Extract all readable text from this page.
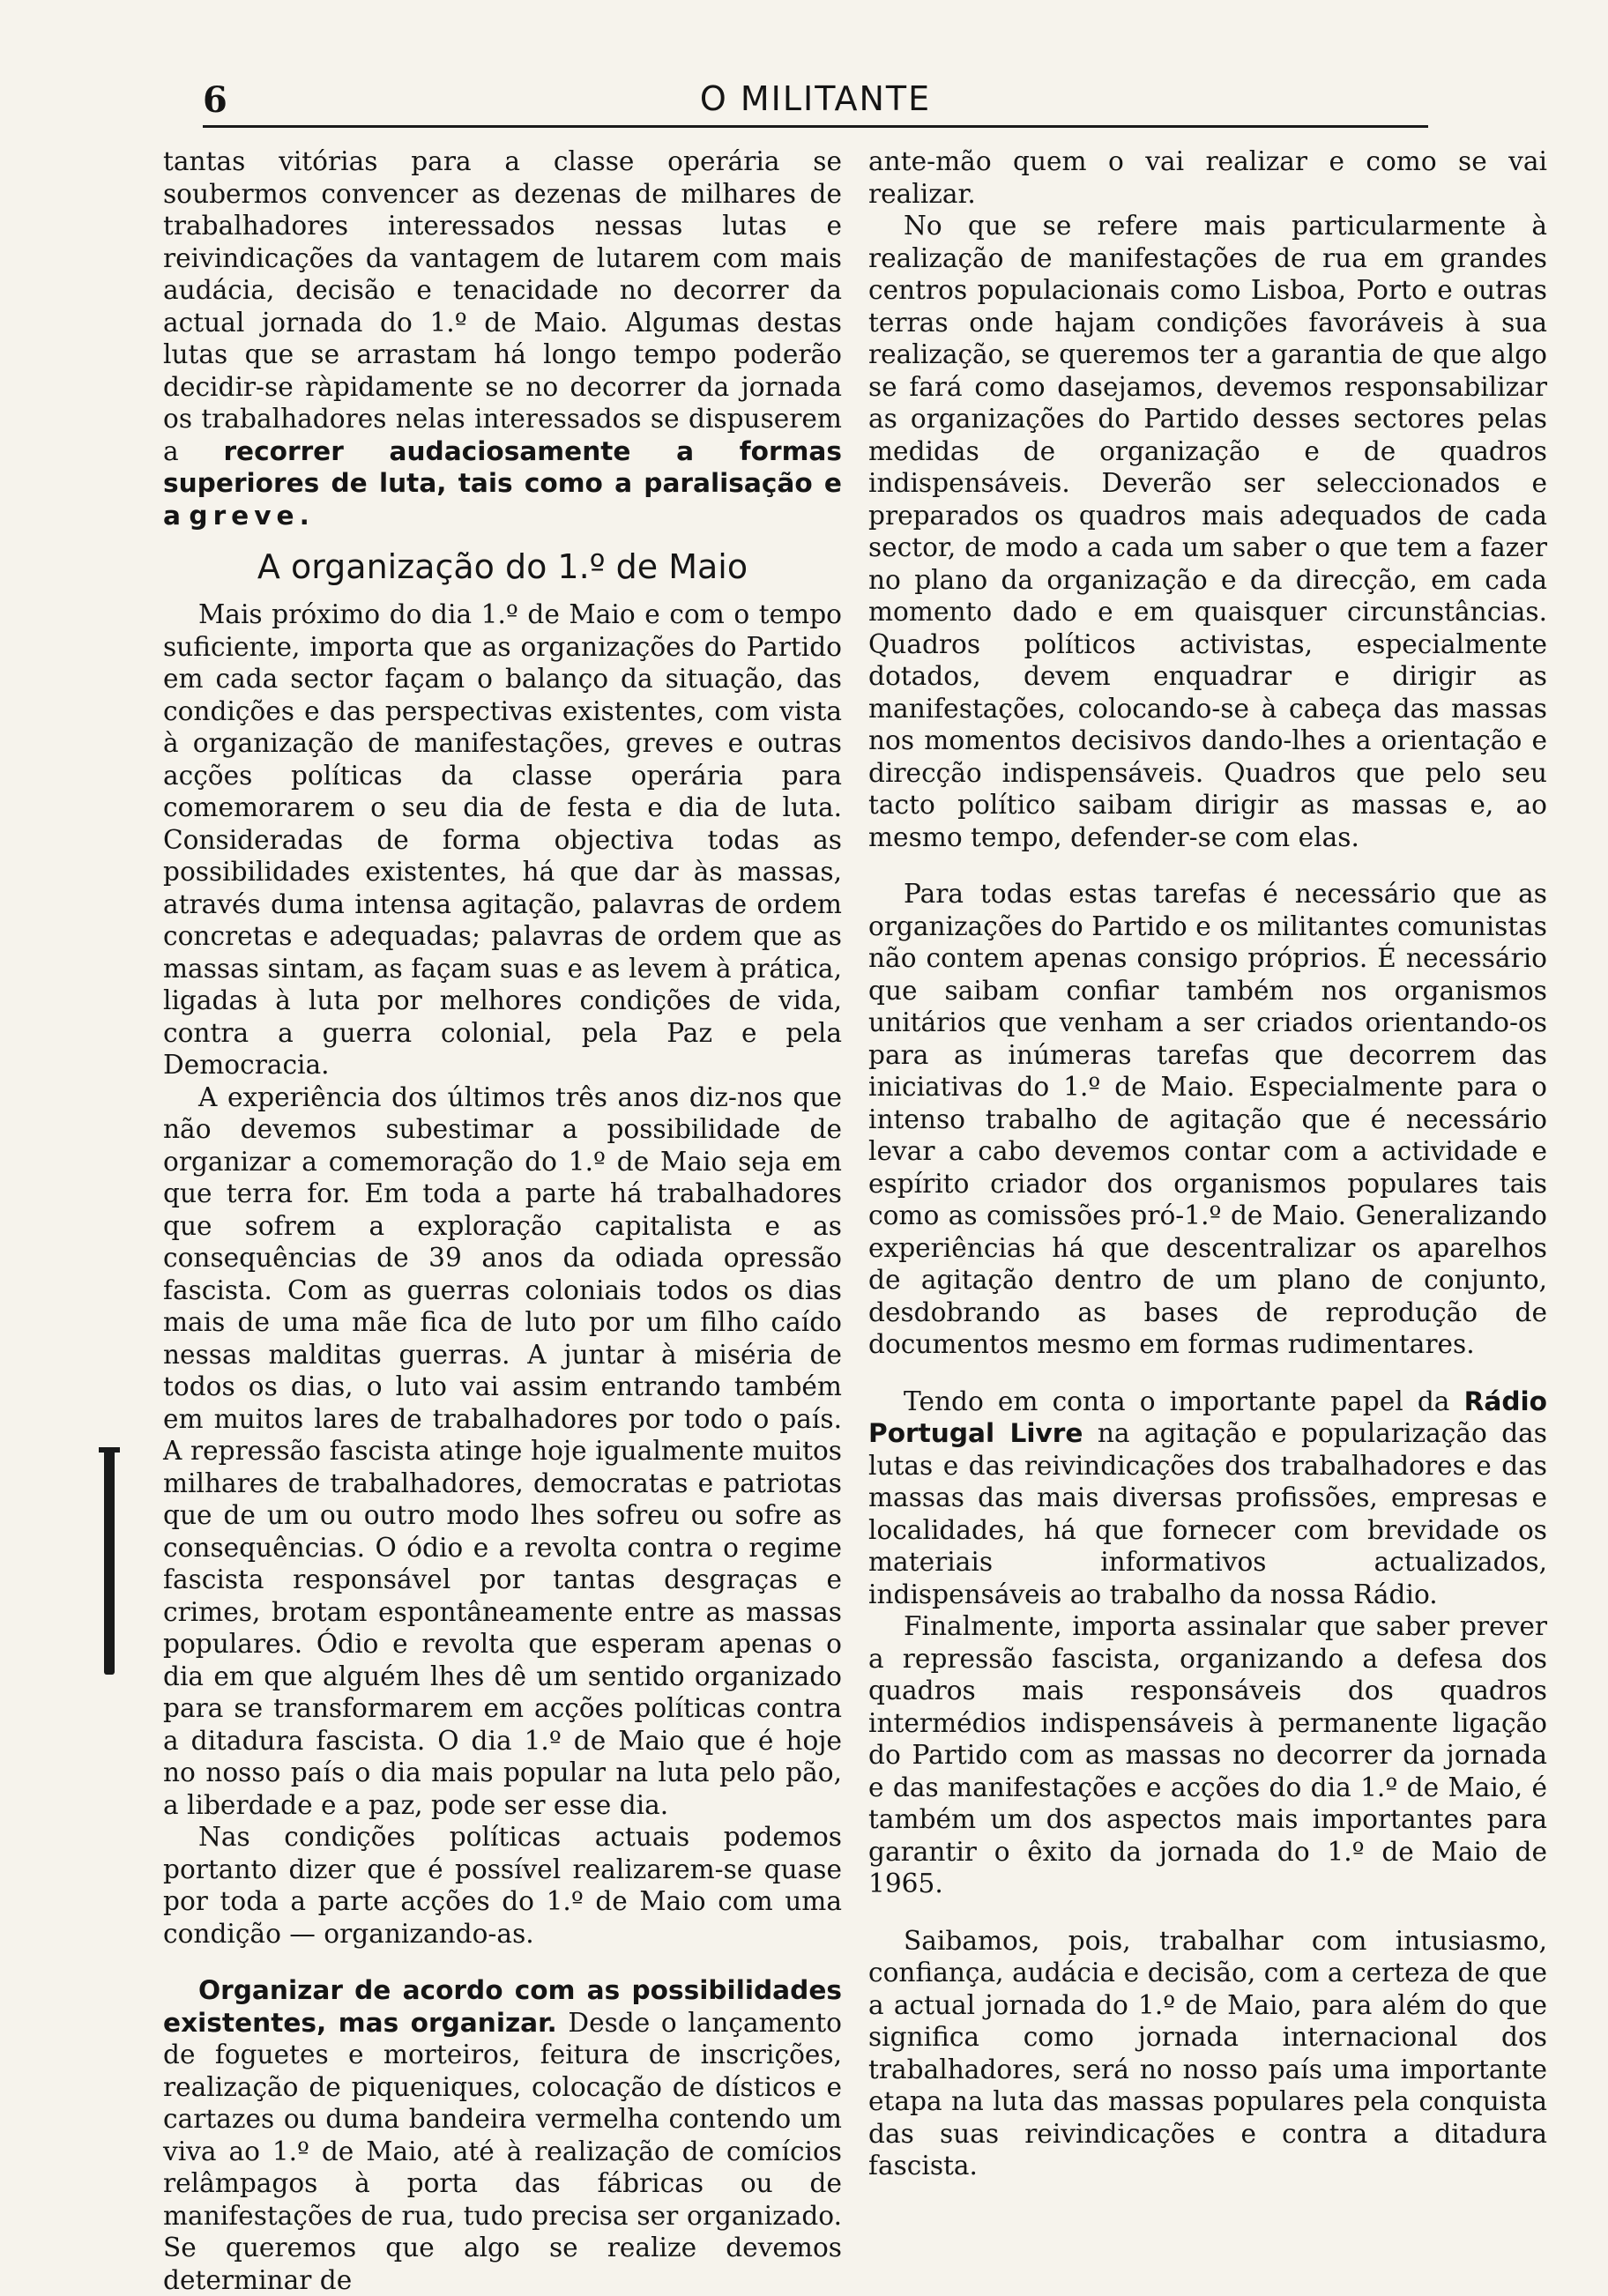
6	O MILITANTE

tantas vitórias para a classe operária se soubermos convencer as dezenas de milhares de trabalhadores interessados nessas lutas e reivindicações da vantagem de lutarem com mais audácia, decisão e tenacidade no decorrer da actual jornada do 1.º de Maio. Algumas destas lutas que se arrastam há longo tempo poderão decidir-se ràpidamente se no decorrer da jornada os trabalhadores nelas interessados se dispuserem a recorrer audaciosamente a formas superiores de luta, tais como a paralisação e a greve.

A organização do 1.º de Maio

Mais próximo do dia 1.º de Maio e com o tempo suficiente, importa que as organizações do Partido em cada sector façam o balanço da situação, das condições e das perspectivas existentes, com vista à organização de manifestações, greves e outras acções políticas da classe operária para comemorarem o seu dia de festa e dia de luta. Consideradas de forma objectiva todas as possibilidades existentes, há que dar às massas, através duma intensa agitação, palavras de ordem concretas e adequadas; palavras de ordem que as massas sintam, as façam suas e as levem à prática, ligadas à luta por melhores condições de vida, contra a guerra colonial, pela Paz e pela Democracia.

A experiência dos últimos três anos diz-nos que não devemos subestimar a possibilidade de organizar a comemoração do 1.º de Maio seja em que terra for. Em toda a parte há trabalhadores que sofrem a exploração capitalista e as consequências de 39 anos da odiada opressão fascista. Com as guerras coloniais todos os dias mais de uma mãe fica de luto por um filho caído nessas malditas guerras. A juntar à miséria de todos os dias, o luto vai assim entrando também em muitos lares de trabalhadores por todo o país. A repressão fascista atinge hoje igualmente muitos milhares de trabalhadores, democratas e patriotas que de um ou outro modo lhes sofreu ou sofre as consequências. O ódio e a revolta contra o regime fascista responsável por tantas desgraças e crimes, brotam espontâneamente entre as massas populares. Ódio e revolta que esperam apenas o dia em que alguém lhes dê um sentido organizado para se transformarem em acções políticas contra a ditadura fascista. O dia 1.º de Maio que é hoje no nosso país o dia mais popular na luta pelo pão, a liberdade e a paz, pode ser esse dia.

Nas condições políticas actuais podemos portanto dizer que é possível realizarem-se quase por toda a parte acções do 1.º de Maio com uma condição — organizando-as.

Organizar de acordo com as possibilidades existentes, mas organizar. Desde o lançamento de foguetes e morteiros, feitura de inscrições, realização de piqueniques, colocação de dísticos e cartazes ou duma bandeira vermelha contendo um viva ao 1.º de Maio, até à realização de comícios relâmpagos à porta das fábricas ou de manifestações de rua, tudo precisa ser organizado. Se queremos que algo se realize devemos determinar de

ante-mão quem o vai realizar e como se vai realizar.

No que se refere mais particularmente à realização de manifestações de rua em grandes centros populacionais como Lisboa, Porto e outras terras onde hajam condições favoráveis à sua realização, se queremos ter a garantia de que algo se fará como dasejamos, devemos responsabilizar as organizações do Partido desses sectores pelas medidas de organização e de quadros indispensáveis. Deverão ser seleccionados e preparados os quadros mais adequados de cada sector, de modo a cada um saber o que tem a fazer no plano da organização e da direcção, em cada momento dado e em quaisquer circunstâncias. Quadros políticos activistas, especialmente dotados, devem enquadrar e dirigir as manifestações, colocando-se à cabeça das massas nos momentos decisivos dando-lhes a orientação e direcção indispensáveis. Quadros que pelo seu tacto político saibam dirigir as massas e, ao mesmo tempo, defender-se com elas.

Para todas estas tarefas é necessário que as organizações do Partido e os militantes comunistas não contem apenas consigo próprios. É necessário que saibam confiar também nos organismos unitários que venham a ser criados orientando-os para as inúmeras tarefas que decorrem das iniciativas do 1.º de Maio. Especialmente para o intenso trabalho de agitação que é necessário levar a cabo devemos contar com a actividade e espírito criador dos organismos populares tais como as comissões pró-1.º de Maio. Generalizando experiências há que descentralizar os aparelhos de agitação dentro de um plano de conjunto, desdobrando as bases de reprodução de documentos mesmo em formas rudimentares.

Tendo em conta o importante papel da Rádio Portugal Livre na agitação e popularização das lutas e das reivindicações dos trabalhadores e das massas das mais diversas profissões, empresas e localidades, há que fornecer com brevidade os materiais informativos actualizados, indispensáveis ao trabalho da nossa Rádio.

Finalmente, importa assinalar que saber prever a repressão fascista, organizando a defesa dos quadros mais responsáveis dos quadros intermédios indispensáveis à permanente ligação do Partido com as massas no decorrer da jornada e das manifestações e acções do dia 1.º de Maio, é também um dos aspectos mais importantes para garantir o êxito da jornada do 1.º de Maio de 1965.

Saibamos, pois, trabalhar com intusiasmo, confiança, audácia e decisão, com a certeza de que a actual jornada do 1.º de Maio, para além do que significa como jornada internacional dos trabalhadores, será no nosso país uma importante etapa na luta das massas populares pela conquista das suas reivindicações e contra a ditadura fascista.
